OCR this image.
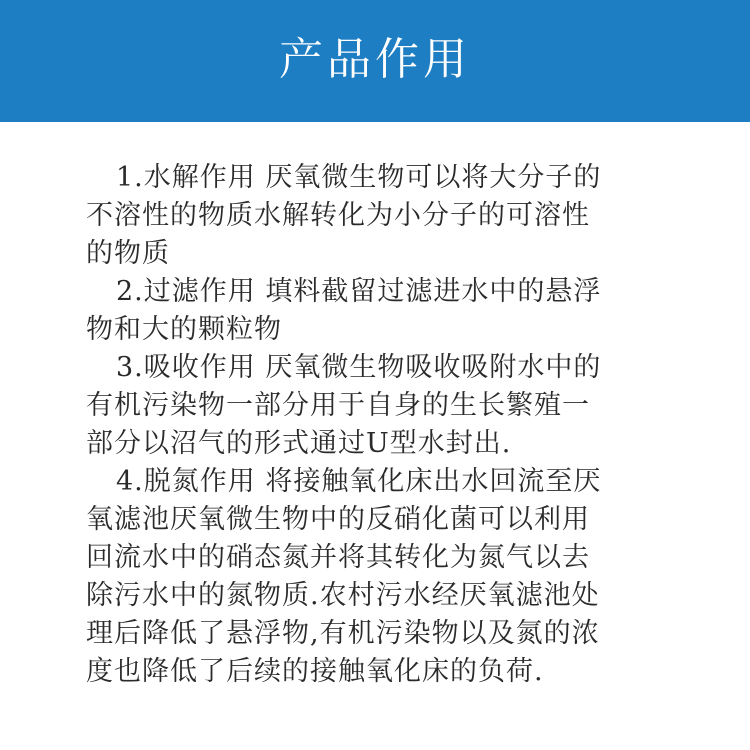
产品作用
1.水解作用 厌氧微生物可以将大分子的
不溶性的物质水解转化为小分子的可溶性
的物质
2.过滤作用 填料截留过滤进水中的悬浮
物和大的颗粒物
3.吸收作用 厌氧微生物吸收吸附水中的
有机污染物一部分用于自身的生长繁殖一
部分以沼气的形式通过U型水封出.
4.脱氮作用 将接触氧化床出水回流至厌
氧滤池厌氧微生物中的反硝化菌可以利用
回流水中的硝态氮并将其转化为氮气以去
除污水中的氮物质.农村污水经厌氧滤池处
理后降低了悬浮物,有机污染物以及氮的浓
度也降低了后续的接触氧化床的负荷.
